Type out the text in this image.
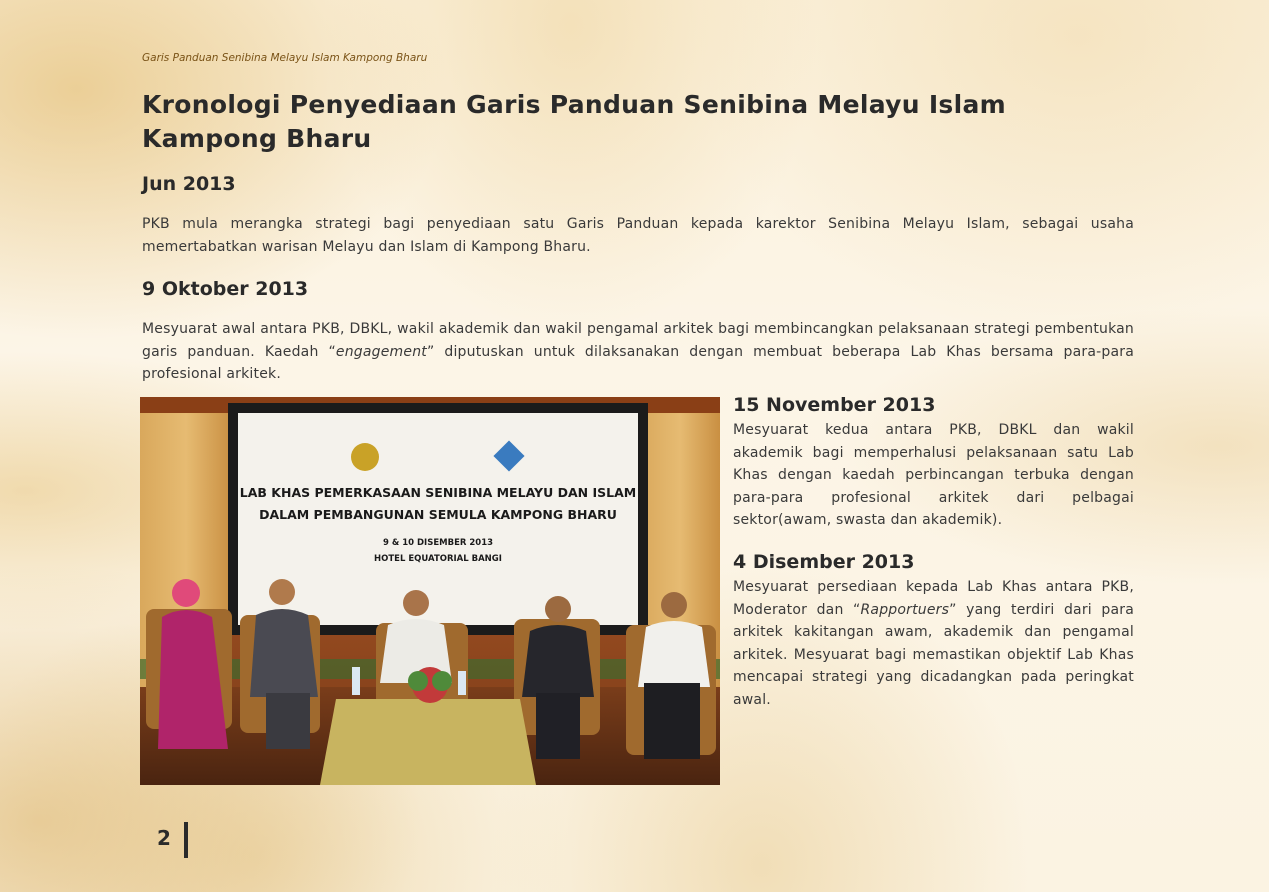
Garis Panduan Senibina Melayu Islam Kampong Bharu
Kronologi Penyediaan Garis Panduan Senibina Melayu Islam
Kampong Bharu
Jun 2013

PKB mula merangka strategi bagi penyediaan satu Garis Panduan kepada karektor Senibina Melayu Islam, sebagai usaha memertabatkan warisan Melayu dan Islam di Kampong Bharu.

9 Oktober 2013

Mesyuarat awal antara PKB, DBKL, wakil akademik dan wakil pengamal arkitek bagi membincangkan pelaksanaan strategi pembentukan garis panduan. Kaedah “engagement” diputuskan untuk dilaksanakan dengan membuat beberapa Lab Khas bersama para-para profesional arkitek.

LAB KHAS PEMERKASAAN SENIBINA MELAYU DAN ISLAM
DALAM PEMBANGUNAN SEMULA KAMPONG BHARU
9 & 10 DISEMBER 2013
HOTEL EQUATORIAL BANGI
15 November 2013

Mesyuarat kedua antara PKB, DBKL dan wakil akademik bagi memperhalusi pelaksanaan satu Lab Khas dengan kaedah perbincangan terbuka dengan para-para profesional arkitek dari pelbagai sektor(awam, swasta dan akademik).

4 Disember 2013

Mesyuarat persediaan kepada Lab Khas antara PKB, Moderator dan “Rapportuers” yang terdiri dari para arkitek kakitangan awam, akademik dan pengamal arkitek. Mesyuarat bagi memastikan objektif Lab Khas mencapai strategi yang dicadangkan pada peringkat awal.

2
